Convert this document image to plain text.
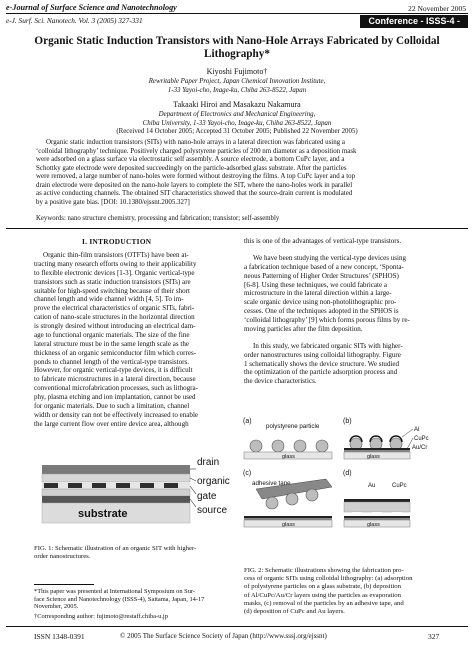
e-Journal of Surface Science and Nanotechnology	22 November 2005
e-J. Surf. Sci. Nanotech. Vol. 3 (2005) 327-331	Conference - ISSS-4 -
Organic Static Induction Transistors with Nano-Hole Arrays Fabricated by Colloidal
Lithography*
Kiyoshi Fujimoto†
Rewritable Paper Project, Japan Chemical Innovation Institute,
1-33 Yayoi-cho, Inage-ku, Chiba 263-8522, Japan
Takaaki Hiroi and Masakazu Nakamura
Department of Electronics and Mechanical Engineering,
Chiba University, 1-33 Yayoi-cho, Inage-ku, Chiba 263-8522, Japan
(Received 14 October 2005; Accepted 31 October 2005; Published 22 November 2005)
Organic static induction transistors (SITs) with nano-hole arrays in a lateral direction was fabricated using a
‘colloidal lithography’ technique. Positively charged polystyrene particles of 200 nm diameter as a deposition mask
were adsorbed on a glass surface via electrostatic self assembly. A source electrode, a bottom CuPc layer, and a
Schottky gate electrode were deposited succeedingly on the particle-adsorbed glass substrate. After the particles
were removed, a large number of nano-holes were formed without destroying the films. A top CuPc layer and a top
drain electrode were deposited on the nano-hole layers to complete the SIT, where the nano-holes work in parallel
as active conducting channels. The obtained SIT characteristics showed that the source-drain current is modulated
by a positive gate bias. [DOI: 10.1380/ejssnt.2005.327]
Keywords: nano structure chemistry, processing and fabrication; transistor; self-assembly
I. INTRODUCTION
Organic thin-film transistors (OTFTs) have been at-
tracting many research efforts owing to their applicability
to flexible electronic devices [1-3]. Organic vertical-type
transistors such as static induction transistors (SITs) are
suitable for high-speed switching because of their short
channel length and wide channel width [4, 5]. To im-
prove the electrical characteristics of organic SITs, fabri-
cation of nano-scale structures in the horizontal direction
is strongly desired without introducing an electrical dam-
age to functional organic materials. The size of the fine
lateral structure must be in the same length scale as the
thickness of an organic semiconductor film which corres-
ponds to channel length of the vertical-type transistors.
However, for organic vertical-type devices, it is difficult
to fabricate microstructures in a lateral direction, because
conventional microfabrication processes, such as lithogra-
phy, plasma etching and ion implantation, cannot be used
for organic materials. Due to such a limitation, channel
width or density can not be effectively increased to enable
the large current flow over entire device area, although
substrate
drain
organic
gate
source
FIG. 1: Schematic illustration of an organic SIT with higher-
order nanostructures.
*This paper was presented at International Symposium on Sur-
face Science and Nanotechnology (ISSS-4), Saitama, Japan, 14-17
November, 2005.
†Corresponding author: fujimoto@restaff.chiba-u.jp
this is one of the advantages of vertical-type transistors.
We have been studying the vertical-type devices using
a fabrication technique based of a new concept, ‘Sponta-
neous Patterning of Higher Order Structures’ (SPHOS)
[6-8]. Using these techniques, we could fabricate a
microstructure in the lateral direction within a large-
scale organic device using non-photolithographic pro-
cesses. One of the techniques adopted in the SPHOS is
‘colloidal lithography’ [9] which forms porous films by re-
moving particles after the film deposition.
In this study, we fabricated organic SITs with higher-
order nanostructures using colloidal lithography. Figure
1 schematically shows the device structure. We studied
the optimization of the particle adsorption process and
the device characteristics.
(a)
polystyrene particle
glass
(b)
glass
Al
CuPc
Au/Cr
(c)
adhesive tape
glass
(d)
Au	CuPc
glass
FIG. 2: Schematic illustrations showing the fabrication pro-
cess of organic SITs using colloidal lithography: (a) adsorption
of polystyrene particles on a glass substrate, (b) deposition
of Al/CuPc/Au/Cr layers using the particles as evaporation
masks, (c) removal of the particles by an adhesive tape, and
(d) deposition of CuPc and Au layers.
ISSN 1348-0391	© 2005 The Surface Science Society of Japan (http://www.sssj.org/ejssnt)	327
